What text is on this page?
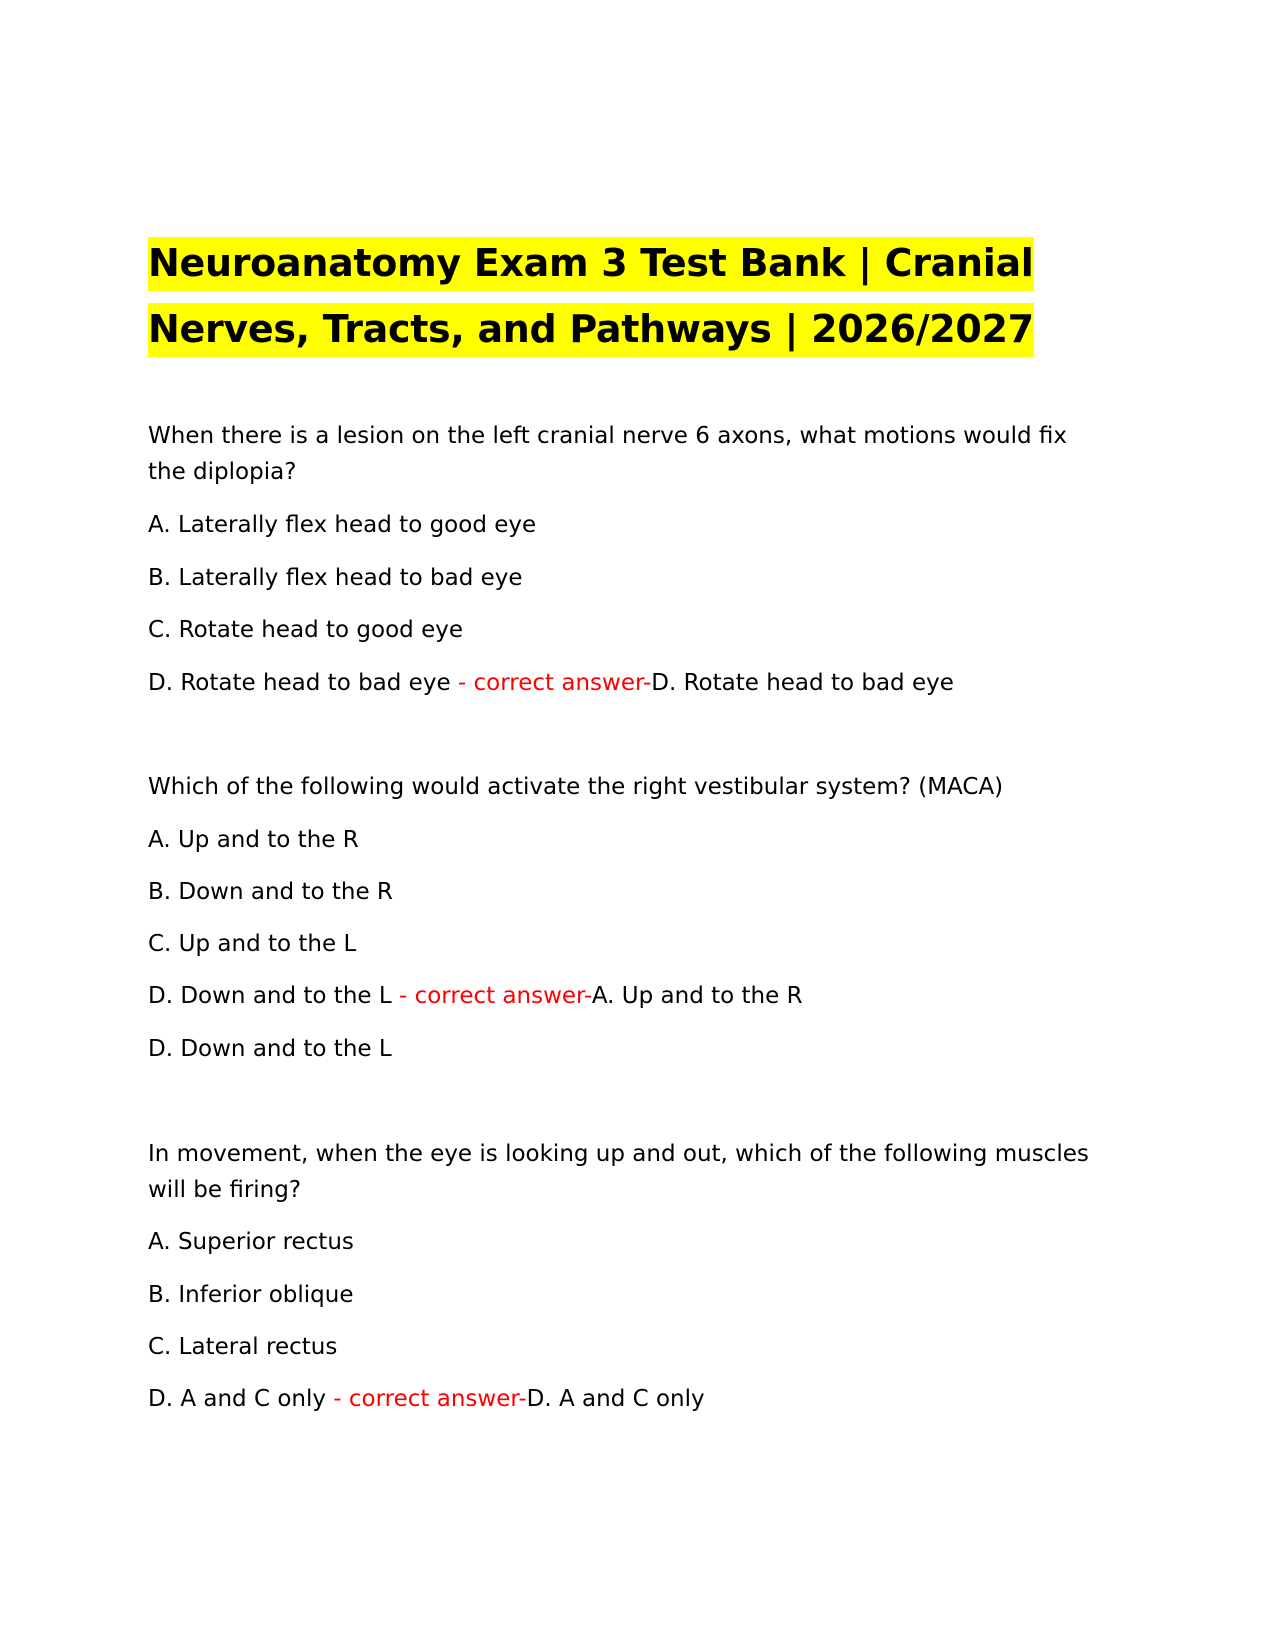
Neuroanatomy Exam 3 Test Bank | Cranial
Nerves, Tracts, and Pathways | 2026/2027
When there is a lesion on the left cranial nerve 6 axons, what motions would fix
the diplopia?
A. Laterally flex head to good eye
B. Laterally flex head to bad eye
C. Rotate head to good eye
D. Rotate head to bad eye - correct answer-D. Rotate head to bad eye
Which of the following would activate the right vestibular system? (MACA)
A. Up and to the R
B. Down and to the R
C. Up and to the L
D. Down and to the L - correct answer-A. Up and to the R
D. Down and to the L
In movement, when the eye is looking up and out, which of the following muscles
will be firing?
A. Superior rectus
B. Inferior oblique
C. Lateral rectus
D. A and C only - correct answer-D. A and C only
